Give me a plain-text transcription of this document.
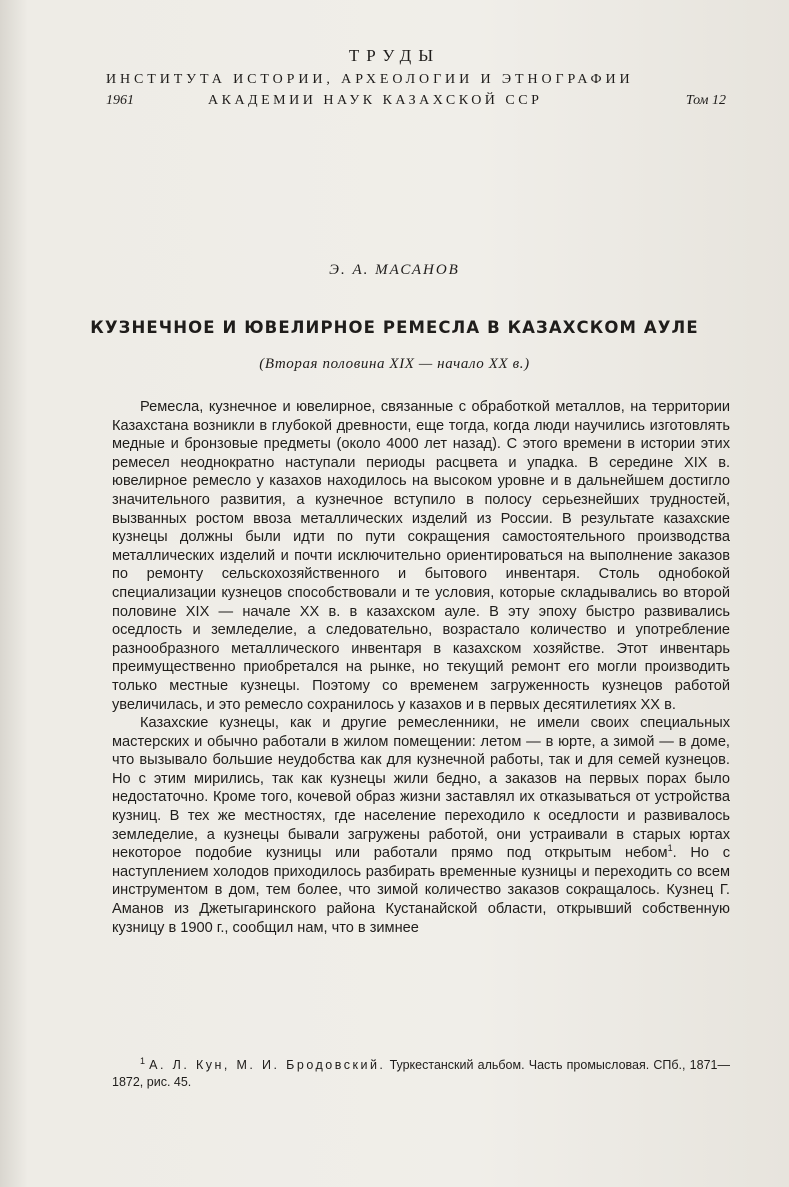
ТРУДЫ
ИНСТИТУТА ИСТОРИИ, АРХЕОЛОГИИ И ЭТНОГРАФИИ
1961	АКАДЕМИИ НАУК КАЗАХСКОЙ ССР	Том 12
Э. А. МАСАНОВ
КУЗНЕЧНОЕ И ЮВЕЛИРНОЕ РЕМЕСЛА В КАЗАХСКОМ АУЛЕ
(Вторая половина XIX — начало XX в.)

Ремесла, кузнечное и ювелирное, связанные с обработкой металлов, на территории Казахстана возникли в глубокой древности, еще тогда, когда люди научились изготовлять медные и бронзовые предметы (около 4000 лет назад). С этого времени в истории этих ремесел неоднократно наступали периоды расцвета и упадка. В середине XIX в. ювелирное ремесло у казахов находилось на высоком уровне и в дальнейшем достигло значительного развития, а кузнечное вступило в полосу серьезнейших трудностей, вызванных ростом ввоза металлических изделий из России. В результате казахские кузнецы должны были идти по пути сокращения самостоятельного производства металлических изделий и почти исключительно ориентироваться на выполнение заказов по ремонту сельскохозяйственного и бытового инвентаря. Столь однобокой специализации кузнецов способствовали и те условия, которые складывались во второй половине XIX — начале XX в. в казахском ауле. В эту эпоху быстро развивались оседлость и земледелие, а следовательно, возрастало количество и употребление разнообразного металлического инвентаря в казахском хозяйстве. Этот инвентарь преимущественно приобретался на рынке, но текущий ремонт его могли производить только местные кузнецы. Поэтому со временем загруженность кузнецов работой увеличилась, и это ремесло сохранилось у казахов и в первых десятилетиях XX в.

Казахские кузнецы, как и другие ремесленники, не имели своих специальных мастерских и обычно работали в жилом помещении: летом — в юрте, а зимой — в доме, что вызывало большие неудобства как для кузнечной работы, так и для семей кузнецов. Но с этим мирились, так как кузнецы жили бедно, а заказов на первых порах было недостаточно. Кроме того, кочевой образ жизни заставлял их отказываться от устройства кузниц. В тех же местностях, где население переходило к оседлости и развивалось земледелие, а кузнецы бывали загружены работой, они устраивали в старых юртах некоторое подобие кузницы или работали прямо под открытым небом$^1$. Но с наступлением холодов приходилось разбирать временные кузницы и переходить со всем инструментом в дом, тем более, что зимой количество заказов сокращалось. Кузнец Г. Аманов из Джетыгаринского района Кустанайской области, открывший собственную кузницу в 1900 г., сообщил нам, что в зимнее

$^1$ А. Л. Кун, М. И. Бродовский. Туркестанский альбом. Часть промысловая. СПб., 1871—1872, рис. 45.
